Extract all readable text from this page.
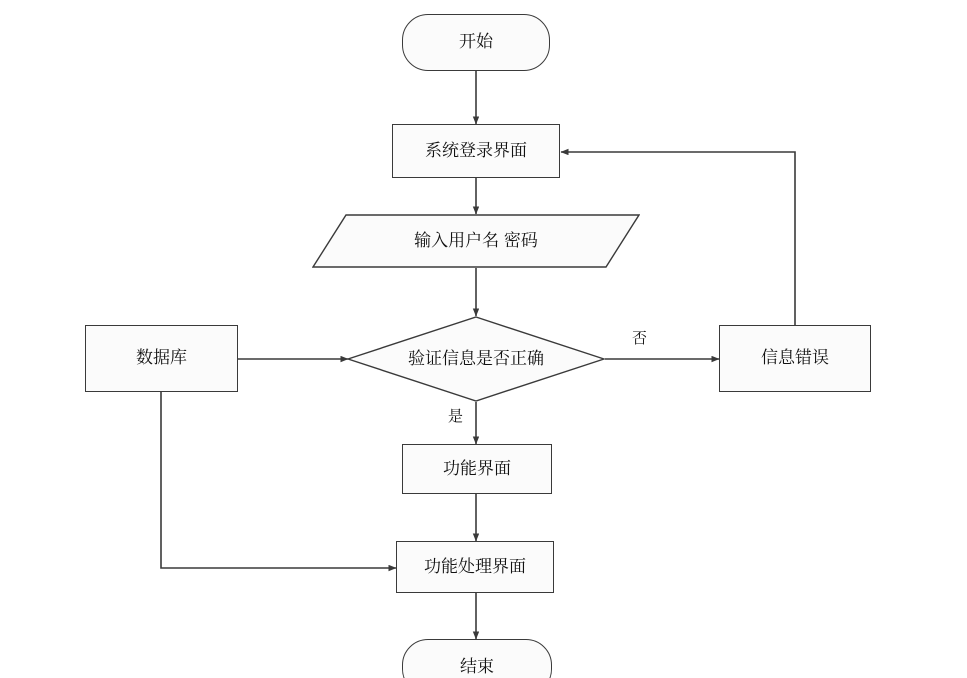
开始
系统登录界面
输入用户名 密码
验证信息是否正确
数据库	信息错误
功能界面
功能处理界面
结束
否
是
